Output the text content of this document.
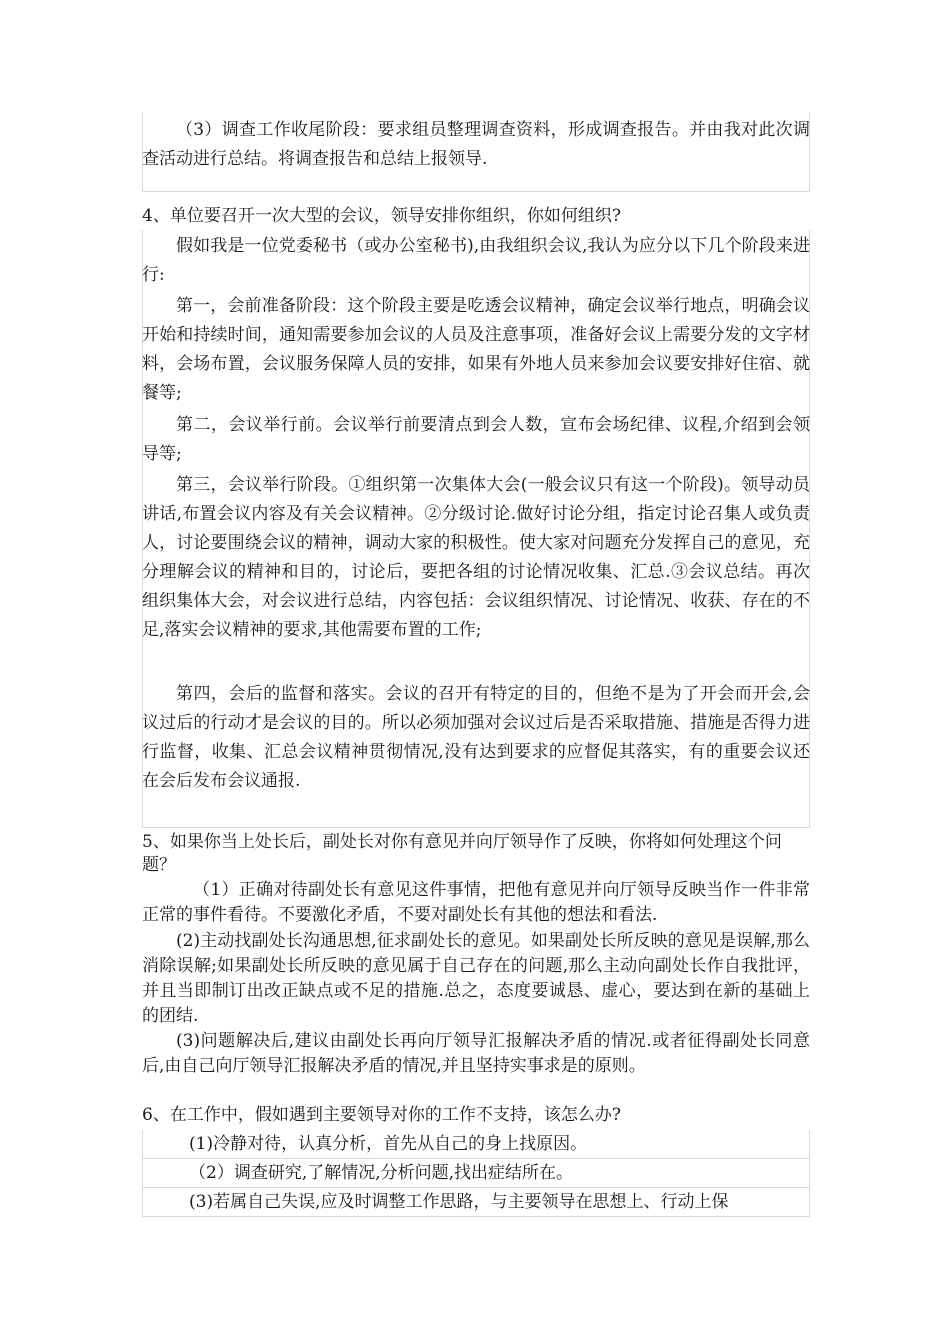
（3）调查工作收尾阶段：要求组员整理调查资料，形成调查报告。并由我对此次调查活动进行总结。将调查报告和总结上报领导.

4、单位要召开一次大型的会议，领导安排你组织，你如何组织?

假如我是一位党委秘书（或办公室秘书),由我组织会议,我认为应分以下几个阶段来进行:

第一，会前准备阶段：这个阶段主要是吃透会议精神，确定会议举行地点，明确会议开始和持续时间，通知需要参加会议的人员及注意事项，准备好会议上需要分发的文字材料，会场布置，会议服务保障人员的安排，如果有外地人员来参加会议要安排好住宿、就餐等;

第二，会议举行前。会议举行前要清点到会人数，宣布会场纪律、议程,介绍到会领导等;

第三，会议举行阶段。①组织第一次集体大会(一般会议只有这一个阶段)。领导动员讲话,布置会议内容及有关会议精神。②分级讨论.做好讨论分组，指定讨论召集人或负责人，讨论要围绕会议的精神，调动大家的积极性。使大家对问题充分发挥自己的意见，充分理解会议的精神和目的，讨论后，要把各组的讨论情况收集、汇总.③会议总结。再次组织集体大会，对会议进行总结，内容包括：会议组织情况、讨论情况、收获、存在的不足,落实会议精神的要求,其他需要布置的工作;

第四，会后的监督和落实。会议的召开有特定的目的，但绝不是为了开会而开会,会议过后的行动才是会议的目的。所以必须加强对会议过后是否采取措施、措施是否得力进行监督，收集、汇总会议精神贯彻情况,没有达到要求的应督促其落实，有的重要会议还在会后发布会议通报.

5、如果你当上处长后，副处长对你有意见并向厅领导作了反映，你将如何处理这个问题？

（1）正确对待副处长有意见这件事情，把他有意见并向厅领导反映当作一件非常正常的事件看待。不要激化矛盾，不要对副处长有其他的想法和看法.

(2)主动找副处长沟通思想,征求副处长的意见。如果副处长所反映的意见是误解,那么消除误解;如果副处长所反映的意见属于自己存在的问题,那么主动向副处长作自我批评，并且当即制订出改正缺点或不足的措施.总之，态度要诚恳、虚心，要达到在新的基础上的团结.

(3)问题解决后,建议由副处长再向厅领导汇报解决矛盾的情况.或者征得副处长同意后,由自己向厅领导汇报解决矛盾的情况,并且坚持实事求是的原则。

6、在工作中，假如遇到主要领导对你的工作不支持，该怎么办?

(1)冷静对待，认真分析，首先从自己的身上找原因。
（2）调查研究,了解情况,分析问题,找出症结所在。
(3)若属自己失误,应及时调整工作思路，与主要领导在思想上、行动上保
